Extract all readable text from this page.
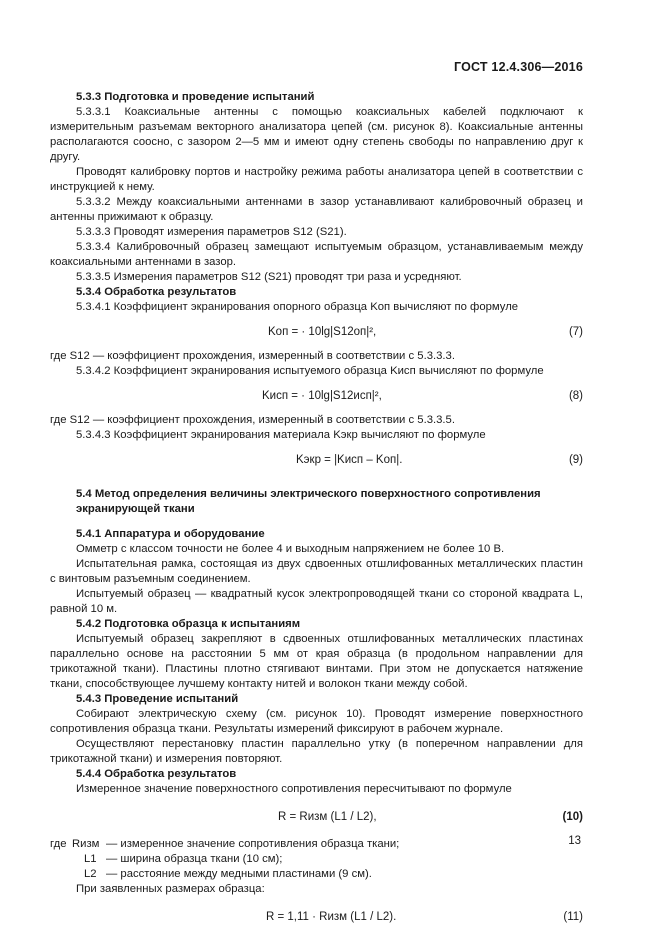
ГОСТ 12.4.306—2016

5.3.3 Подготовка и проведение испытаний

5.3.3.1 Коаксиальные антенны с помощью коаксиальных кабелей подключают к измерительным разъемам векторного анализатора цепей (см. рисунок 8). Коаксиальные антенны располагаются соосно, с зазором 2—5 мм и имеют одну степень свободы по направлению друг к другу.

Проводят калибровку портов и настройку режима работы анализатора цепей в соответствии с инструкцией к нему.

5.3.3.2 Между коаксиальными антеннами в зазор устанавливают калибровочный образец и антенны прижимают к образцу.

5.3.3.3 Проводят измерения параметров S12 (S21).

5.3.3.4 Калибровочный образец замещают испытуемым образцом, устанавливаемым между коаксиальными антеннами в зазор.

5.3.3.5 Измерения параметров S12 (S21) проводят три раза и усредняют.

5.3.4 Обработка результатов

5.3.4.1 Коэффициент экранирования опорного образца Kоп вычисляют по формуле

Kоп = · 10lg|S12оп|²,	(7)

где S12 — коэффициент прохождения, измеренный в соответствии с 5.3.3.3.

5.3.4.2 Коэффициент экранирования испытуемого образца Kисп вычисляют по формуле

Kисп = · 10lg|S12исп|²,	(8)

где S12 — коэффициент прохождения, измеренный в соответствии с 5.3.3.5.

5.3.4.3 Коэффициент экранирования материала Kэкр вычисляют по формуле

Kэкр = |Kисп – Kоп|.	(9)

5.4 Метод определения величины электрического поверхностного сопротивления

экранирующей ткани

5.4.1 Аппаратура и оборудование

Омметр с классом точности не более 4 и выходным напряжением не более 10 В.

Испытательная рамка, состоящая из двух сдвоенных отшлифованных металлических пластин с винтовым разъемным соединением.

Испытуемый образец — квадратный кусок электропроводящей ткани со стороной квадрата L, равной 10 м.

5.4.2 Подготовка образца к испытаниям

Испытуемый образец закрепляют в сдвоенных отшлифованных металлических пластинах параллельно основе на расстоянии 5 мм от края образца (в продольном направлении для трикотажной ткани). Пластины плотно стягивают винтами. При этом не допускается натяжение ткани, способствующее лучшему контакту нитей и волокон ткани между собой.

5.4.3 Проведение испытаний

Собирают электрическую схему (см. рисунок 10). Проводят измерение поверхностного сопротивления образца ткани. Результаты измерений фиксируют в рабочем журнале.

Осуществляют перестановку пластин параллельно утку (в поперечном направлении для трикотажной ткани) и измерения повторяют.

5.4.4 Обработка результатов

Измеренное значение поверхностного сопротивления пересчитывают по формуле

R = Rизм (L1 / L2),	(10)
где Rизм — измеренное значение сопротивления образца ткани;
L1 — ширина образца ткани (10 см);
L2 — расстояние между медными пластинами (9 см).

При заявленных размерах образца:

R = 1,11 · Rизм (L1 / L2).	(11)
13
